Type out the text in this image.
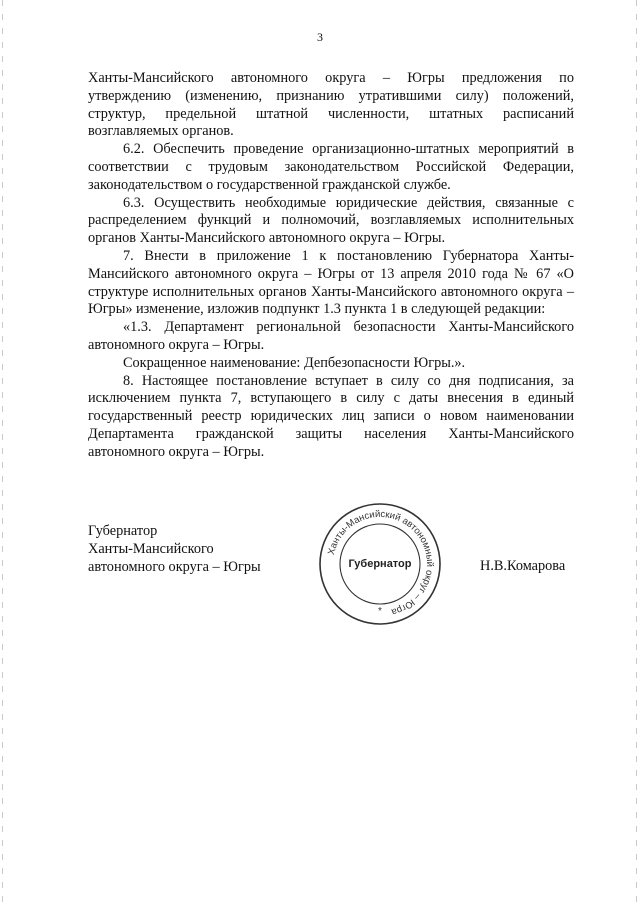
3

Ханты-Мансийского автономного округа – Югры предложения по утверждению (изменению, признанию утратившими силу) положений, структур, предельной штатной численности, штатных расписаний возглавляемых органов.

6.2. Обеспечить проведение организационно-штатных мероприятий в соответствии с трудовым законодательством Российской Федерации, законодательством о государственной гражданской службе.

6.3. Осуществить необходимые юридические действия, связанные с распределением функций и полномочий, возглавляемых исполнительных органов Ханты-Мансийского автономного округа – Югры.

7. Внести в приложение 1 к постановлению Губернатора Ханты-Мансийского автономного округа – Югры от 13 апреля 2010 года № 67 «О структуре исполнительных органов Ханты-Мансийского автономного округа – Югры» изменение, изложив подпункт 1.3 пункта 1 в следующей редакции:

«1.3. Департамент региональной безопасности Ханты-Мансийского автономного округа – Югры.

Сокращенное наименование: Депбезопасности Югры.».

8. Настоящее постановление вступает в силу со дня подписания, за исключением пункта 7, вступающего в силу с даты внесения в единый государственный реестр юридических лиц записи о новом наименовании Департамента гражданской защиты населения Ханты-Мансийского автономного округа – Югры.

Губернатор
Ханты-Мансийского
автономного округа – Югры
Ханты-Мансийский автономный округ – Югра
Губернатор
*
Н.В.Комарова
